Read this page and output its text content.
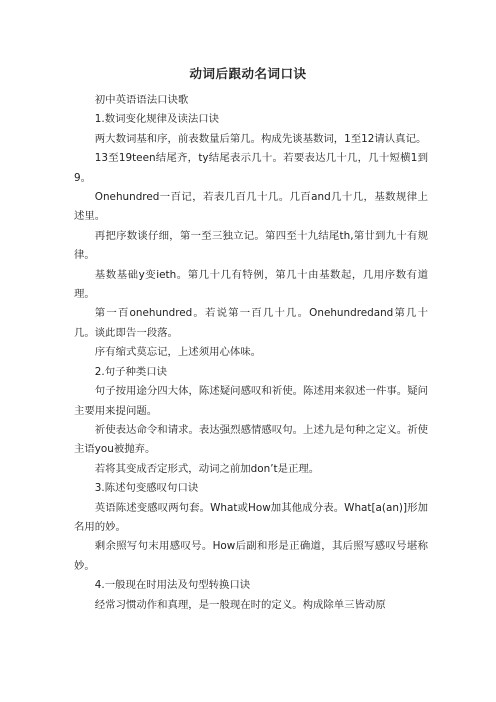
动词后跟动名词口诀

初中英语语法口诀歌

1.数词变化规律及读法口诀

两大数词基和序，前表数量后第几。构成先谈基数词，1至12请认真记。

13至19teen结尾齐，ty结尾表示几十。若要表达几十几，几十短横1到9。

Onehundred一百记，若表几百几十几。几百and几十几，基数规律上述里。

再把序数谈仔细，第一至三独立记。第四至十九结尾th,第廿到九十有规律。

基数基础y变ieth。第几十几有特例，第几十由基数起，几用序数有道理。

第一百onehundred。若说第一百几十几。Onehundredand第几十几。谈此即告一段落。

序有缩式莫忘记，上述须用心体味。

2.句子种类口诀

句子按用途分四大体，陈述疑问感叹和祈使。陈述用来叙述一件事。疑问主要用来提问题。

祈使表达命令和请求。表达强烈感情感叹句。上述九是句种之定义。祈使主语you被抛弃。

若将其变成否定形式，动词之前加don’t是正理。

3.陈述句变感叹句口诀

英语陈述变感叹两句套。What或How加其他成分表。What[a(an)]形加名用的妙。

剩余照写句末用感叹号。How后副和形是正确道，其后照写感叹号堪称妙。

4.一般现在时用法及句型转换口诀

经常习惯动作和真理，是一般现在时的定义。构成除单三皆动原
